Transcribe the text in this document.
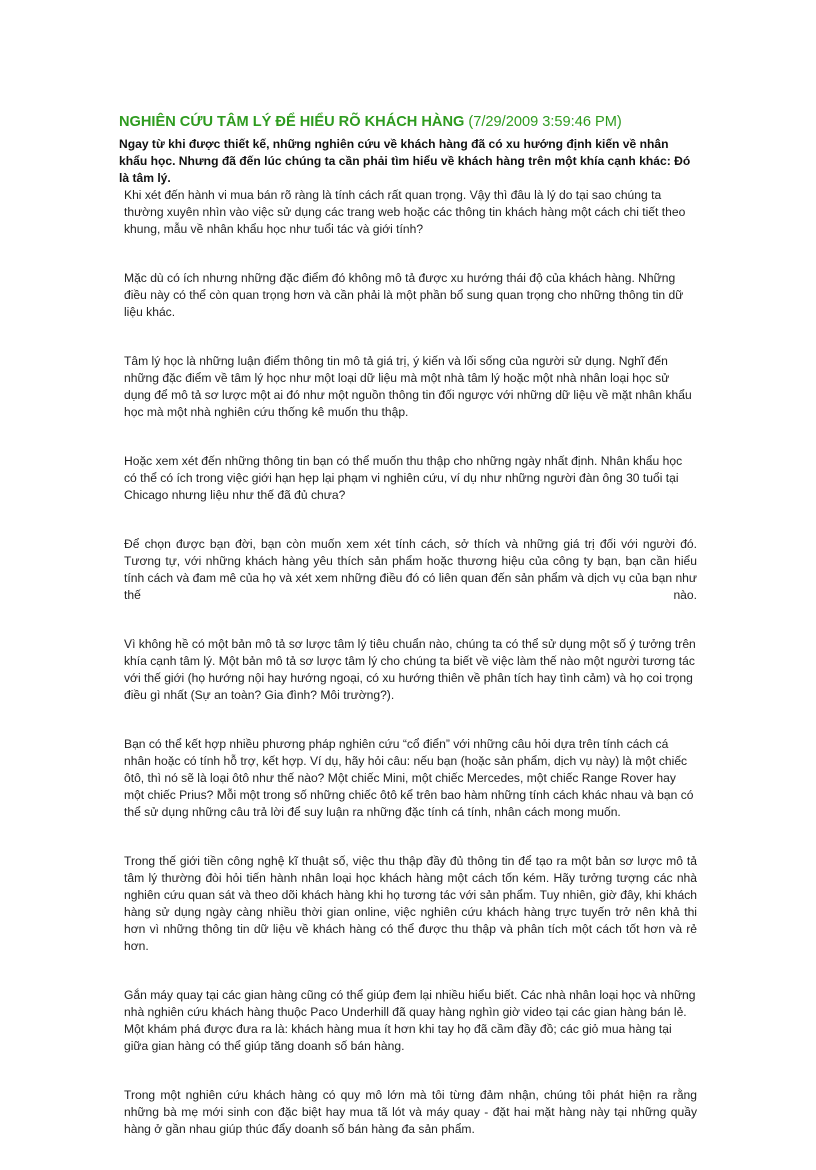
NGHIÊN CỨU TÂM LÝ ĐỂ HIỂU RÕ KHÁCH HÀNG (7/29/2009 3:59:46 PM)

Ngay từ khi được thiết kế, những nghiên cứu về khách hàng đã có xu hướng định kiến về nhân khẩu học. Nhưng đã đến lúc chúng ta cần phải tìm hiểu về khách hàng trên một khía cạnh khác: Đó là tâm lý.

Khi xét đến hành vi mua bán rõ ràng là tính cách rất quan trọng. Vậy thì đâu là lý do tại sao chúng ta thường xuyên nhìn vào việc sử dụng các trang web hoặc các thông tin khách hàng một cách chi tiết theo khung, mẫu về nhân khẩu học như tuổi tác và giới tính?

Mặc dù có ích nhưng những đặc điểm đó không mô tả được xu hướng thái độ của khách hàng. Những điều này có thể còn quan trọng hơn và cần phải là một phần bổ sung quan trọng cho những thông tin dữ liệu khác.

Tâm lý học là những luận điểm thông tin mô tả giá trị, ý kiến và lối sống của người sử dụng. Nghĩ đến những đặc điểm về tâm lý học như một loại dữ liệu mà một nhà tâm lý hoặc một nhà nhân loại học sử dụng để mô tả sơ lược một ai đó như một nguồn thông tin đối ngược với những dữ liệu về mặt nhân khẩu học mà một nhà nghiên cứu thống kê muốn thu thập.

Hoặc xem xét đến những thông tin bạn có thể muốn thu thập cho những ngày nhất định. Nhân khẩu học có thể có ích trong việc giới hạn hẹp lại phạm vi nghiên cứu, ví dụ như những người đàn ông 30 tuổi tại Chicago nhưng liệu như thế đã đủ chưa?

Để chọn được bạn đời, bạn còn muốn xem xét tính cách, sở thích và những giá trị đối với người đó. Tương tự, với những khách hàng yêu thích sản phẩm hoặc thương hiệu của công ty bạn, bạn cần hiểu tính cách và đam mê của họ và xét xem những điều đó có liên quan đến sản phẩm và dịch vụ của bạn như thế nào.

Vì không hề có một bản mô tả sơ lược tâm lý tiêu chuẩn nào, chúng ta có thể sử dụng một số ý tưởng trên khía cạnh tâm lý. Một bản mô tả sơ lược tâm lý cho chúng ta biết về việc làm thế nào một người tương tác với thế giới (họ hướng nội hay hướng ngoại, có xu hướng thiên về phân tích hay tình cảm) và họ coi trọng điều gì nhất (Sự an toàn? Gia đình? Môi trường?).

Bạn có thể kết hợp nhiều phương pháp nghiên cứu “cổ điển” với những câu hỏi dựa trên tính cách cá nhân hoặc có tính hỗ trợ, kết hợp. Ví dụ, hãy hỏi câu: nếu bạn (hoặc sản phẩm, dịch vụ này) là một chiếc ôtô, thì nó sẽ là loại ôtô như thế nào? Một chiếc Mini, một chiếc Mercedes, một chiếc Range Rover hay một chiếc Prius? Mỗi một trong số những chiếc ôtô kể trên bao hàm những tính cách khác nhau và bạn có thể sử dụng những câu trả lời để suy luận ra những đặc tính cá tính, nhân cách mong muốn.

Trong thế giới tiền công nghệ kĩ thuật số, việc thu thập đầy đủ thông tin để tạo ra một bản sơ lược mô tả tâm lý thường đòi hỏi tiến hành nhân loại học khách hàng một cách tốn kém. Hãy tưởng tượng các nhà nghiên cứu quan sát và theo dõi khách hàng khi họ tương tác với sản phẩm. Tuy nhiên, giờ đây, khi khách hàng sử dụng ngày càng nhiều thời gian online, việc nghiên cứu khách hàng trực tuyến trở nên khả thi hơn vì những thông tin dữ liệu về khách hàng có thể được thu thập và phân tích một cách tốt hơn và rẻ hơn.

Gắn máy quay tại các gian hàng cũng có thể giúp đem lại nhiều hiểu biết. Các nhà nhân loại học và những nhà nghiên cứu khách hàng thuộc Paco Underhill đã quay hàng nghìn giờ video tại các gian hàng bán lẻ. Một khám phá được đưa ra là: khách hàng mua ít hơn khi tay họ đã cầm đầy đồ; các giỏ mua hàng tại giữa gian hàng có thể giúp tăng doanh số bán hàng.

Trong một nghiên cứu khách hàng có quy mô lớn mà tôi từng đảm nhận, chúng tôi phát hiện ra rằng những bà mẹ mới sinh con đặc biệt hay mua tã lót và máy quay - đặt hai mặt hàng này tại những quầy hàng ở gần nhau giúp thúc đẩy doanh số bán hàng đa sản phẩm.
